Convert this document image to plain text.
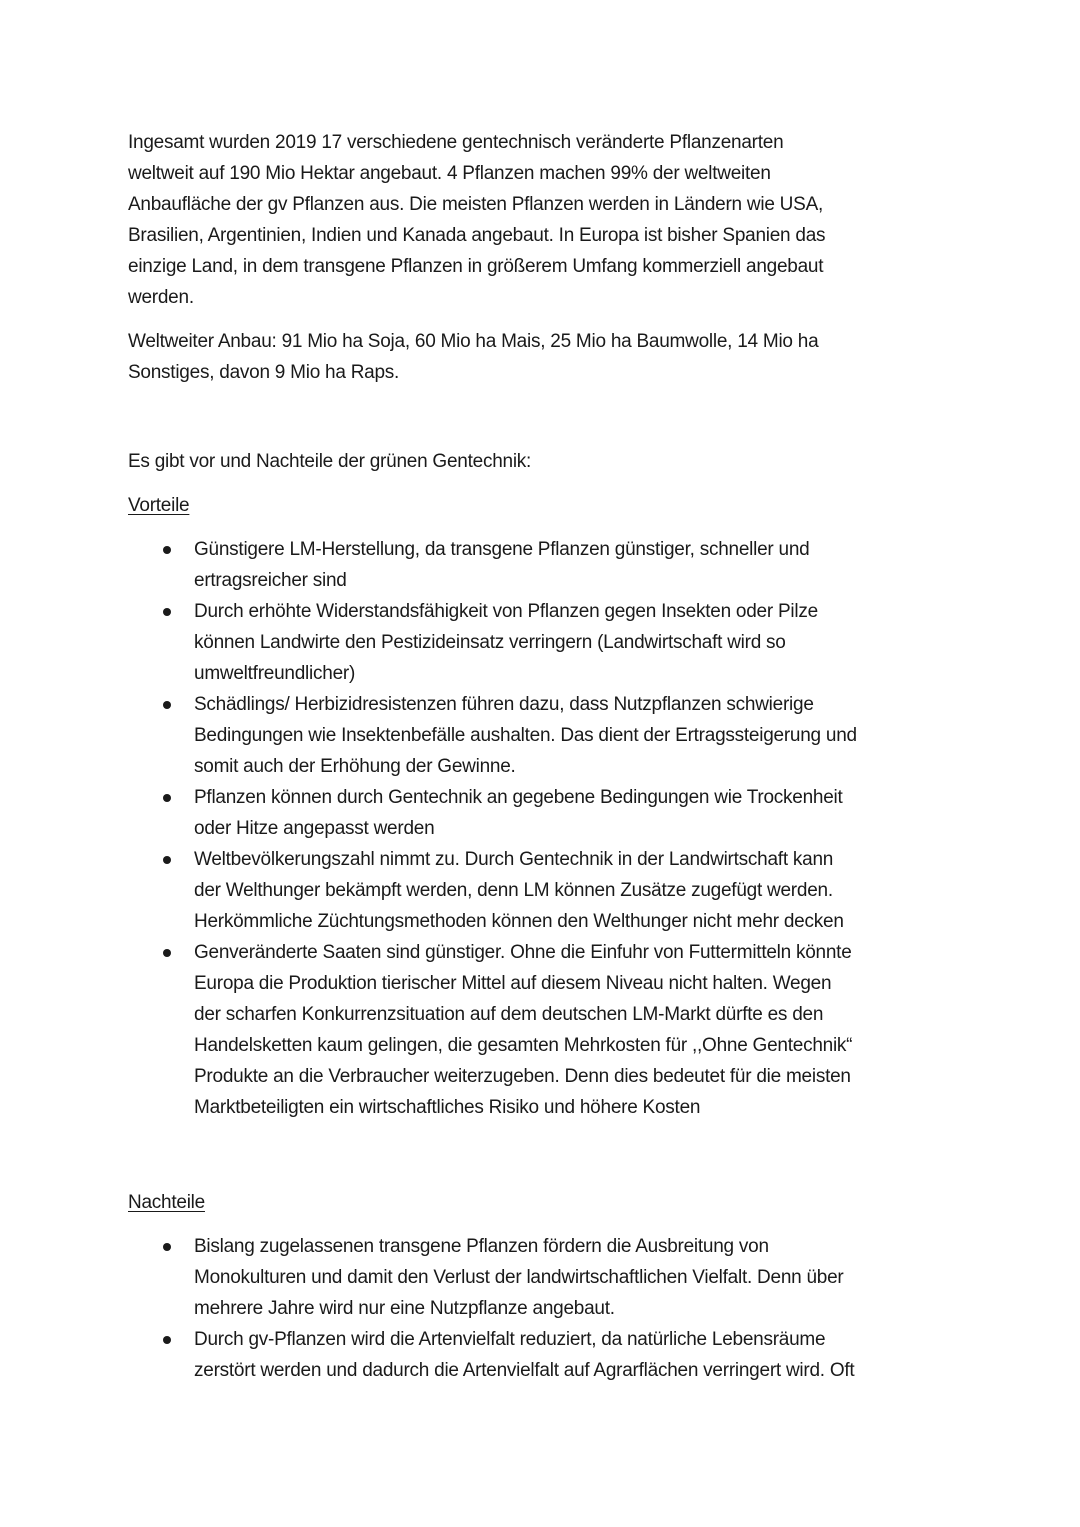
Ingesamt wurden 2019 17 verschiedene gentechnisch veränderte Pflanzenarten
weltweit auf 190 Mio Hektar angebaut. 4 Pflanzen machen 99% der weltweiten
Anbaufläche der gv Pflanzen aus. Die meisten Pflanzen werden in Ländern wie USA,
Brasilien, Argentinien, Indien und Kanada angebaut. In Europa ist bisher Spanien das
einzige Land, in dem transgene Pflanzen in größerem Umfang kommerziell angebaut
werden.
Weltweiter Anbau: 91 Mio ha Soja, 60 Mio ha Mais, 25 Mio ha Baumwolle, 14 Mio ha
Sonstiges, davon 9 Mio ha Raps.
Es gibt vor und Nachteile der grünen Gentechnik:
Vorteile
Günstigere LM-Herstellung, da transgene Pflanzen günstiger, schneller und
ertragsreicher sind
Durch erhöhte Widerstandsfähigkeit von Pflanzen gegen Insekten oder Pilze
können Landwirte den Pestizideinsatz verringern (Landwirtschaft wird so
umweltfreundlicher)
Schädlings/ Herbizidresistenzen führen dazu, dass Nutzpflanzen schwierige
Bedingungen wie Insektenbefälle aushalten. Das dient der Ertragssteigerung und
somit auch der Erhöhung der Gewinne.
Pflanzen können durch Gentechnik an gegebene Bedingungen wie Trockenheit
oder Hitze angepasst werden
Weltbevölkerungszahl nimmt zu. Durch Gentechnik in der Landwirtschaft kann
der Welthunger bekämpft werden, denn LM können Zusätze zugefügt werden.
Herkömmliche Züchtungsmethoden können den Welthunger nicht mehr decken
Genveränderte Saaten sind günstiger. Ohne die Einfuhr von Futtermitteln könnte
Europa die Produktion tierischer Mittel auf diesem Niveau nicht halten. Wegen
der scharfen Konkurrenzsituation auf dem deutschen LM-Markt dürfte es den
Handelsketten kaum gelingen, die gesamten Mehrkosten für ,,Ohne Gentechnik“
Produkte an die Verbraucher weiterzugeben. Denn dies bedeutet für die meisten
Marktbeteiligten ein wirtschaftliches Risiko und höhere Kosten
Nachteile
Bislang zugelassenen transgene Pflanzen fördern die Ausbreitung von
Monokulturen und damit den Verlust der landwirtschaftlichen Vielfalt. Denn über
mehrere Jahre wird nur eine Nutzpflanze angebaut.
Durch gv-Pflanzen wird die Artenvielfalt reduziert, da natürliche Lebensräume
zerstört werden und dadurch die Artenvielfalt auf Agrarflächen verringert wird. Oft
